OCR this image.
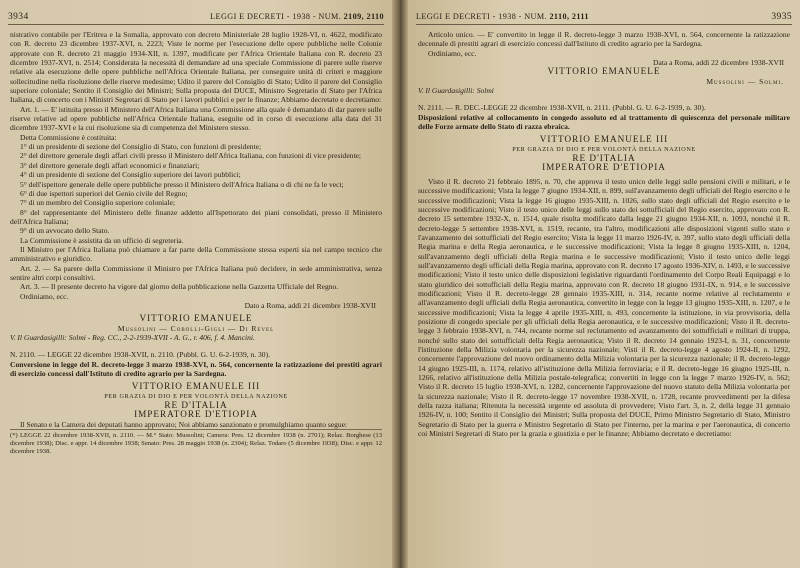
3934	LEGGI E DECRETI - 1938 - NUM. 2109, 2110

nistrativo contabile per l'Eritrea e la Somalia, approvato con decreto Ministeriale 28 luglio 1928-VI, n. 4622, modificato con R. decreto 23 dicembre 1937-XVI, n. 2223; Viste le norme per l'esecuzione delle opere pubbliche nelle Colonie approvate con R. decreto 21 maggio 1934-XII, n. 1397, modificate per l'Africa Orientale Italiana con R. decreto 23 dicembre 1937-XVI, n. 2514; Considerata la necessità di demandare ad una speciale Commissione di parere sulle riserve relative ala esecuzione delle opere pubbliche nell'Africa Orientale Italiana, per conseguire unità di criteri e maggiore sollecitudine nella risoluzione delle riserve medesime; Udito il parere del Consiglio di Stato; Udito il parere del Consiglio superiore coloniale; Sentito il Consiglio dei Ministri; Sulla proposta del DUCE, Ministro Segretario di Stato per l'Africa Italiana, di concerto con i Ministri Segretari di Stato per i lavori pubblici e per le finanze; Abbiamo decretato e decretiamo:

Art. 1. — E' istituita presso il Ministero dell'Africa Italiana una Commissione alla quale è demandato di dar parere sulle riserve relative ad opere pubbliche nell'Africa Orientale Italiana, eseguite od in corso di esecuzione alla data del 31 dicembre 1937-XVI e la cui risoluzione sia di competenza del Ministero stesso.

Detta Commissione è costituita:

1° di un presidente di sezione del Consiglio di Stato, con funzioni di presidente;

2° del direttore generale degli affari civili presso il Ministero dell'Africa Italiana, con funzioni di vice presidente;

3° del direttore generale degli affari economici e finanziari;

4° di un presidente di sezione del Consiglio superiore dei lavori pubblici;

5° dell'ispettore generale delle opere pubbliche presso il Ministero dell'Africa Italiana o di chi ne fa le veci;

6° di due ispettori superiori del Genio civile del Regno;

7° di un membro del Consiglio superiore coloniale;

8° del rappresentante del Ministero delle finanze addetto all'Ispettorato dei piani consolidati, presso il Ministero dell'Africa Italiana;

9° di un avvocato dello Stato.

La Commissione è assistita da un ufficio di segreteria.

Il Ministro per l'Africa Italiana può chiamare a far parte della Commissione stessa esperti sia nel campo tecnico che amministrativo e giuridico.

Art. 2. — Sa parere della Commissione il Ministro per l'Africa Italiana può decidere, in sede amministrativa, senza sentire altri corpi consultivi.

Art. 3. — Il presente decreto ha vigore dal giorno della pubblicazione nella Gazzetta Ufficiale del Regno.

Ordiniamo, ecc.

Dato a Roma, addì 21 dicembre 1938-XVII

VITTORIO EMANUELE

Mussolini — Cobolli-Gigli — Di Revel

V. Il Guardasigilli: Solmi - Reg. CC., 2-2-1939-XVII - A. G., r. 406, f. 4. Mancini.

N. 2110. — LEGGE 22 dicembre 1938-XVII, n. 2110. (Pubbl. G. U. 6-2-1939, n. 30).

Conversione in legge del R. decreto-legge 3 marzo 1938-XVI, n. 564, concernente la ratizzazione dei prestiti agrari di esercizio concessi dall'Istituto di credito agrario per la Sardegna.

VITTORIO EMANUELE III

PER GRAZIA DI DIO E PER VOLONTÀ DELLA NAZIONE

RE D'ITALIA

IMPERATORE D'ETIOPIA

Il Senato e la Camera dei deputati hanno approvato; Noi abbiamo sanzionato e promulghiamo quanto segue:

(*) LEGGE 22 dicembre 1938-XVII, n. 2110. — M.° Stato: Mussolini; Camera: Pres. 12 dicembre 1938 (n. 2701); Relaz. Borghese (13 dicembre 1938); Disc. e appr. 14 dicembre 1938; Senato: Pres. 28 maggio 1938 (n. 2304); Relaz. Todaro (5 dicembre 1938); Disc. e appr. 12 dicembre 1938.

LEGGI E DECRETI - 1938 - NUM. 2110, 2111	3935

Articolo unico. — E' convertito in legge il R. decreto-legge 3 marzo 1938-XVI, n. 564, concernente la ratizzazione decennale di prestiti agrari di esercizio concessi dall'Istituto di credito agrario per la Sardegna.

Ordiniamo, ecc.

Data a Roma, addì 22 dicembre 1938-XVII

VITTORIO EMANUELE

Mussolini — Solmi.

V. Il Guardasigilli: Solmi

N. 2111. — R. DEC.-LEGGE 22 dicembre 1938-XVII, n. 2111. (Pubbl. G. U. 6-2-1939, n. 30).

Disposizioni relative al collocamento in congedo assoluto ed al trattamento di quiescenza del personale militare delle Forze armate dello Stato di razza ebraica.

VITTORIO EMANUELE III

PER GRAZIA DI DIO E PER VOLONTÀ DELLA NAZIONE

RE D'ITALIA

IMPERATORE D'ETIOPIA

Visto il R. decreto 21 febbraio 1895, n. 70, che approva il testo unico delle leggi sulle pensioni civili e militari, e le successive modificazioni; Vista la legge 7 giugno 1934-XII, n. 899, sull'avanzamento degli ufficiali del Regio esercito e le successive modificazioni; Vista la legge 16 giugno 1935-XIII, n. 1026, sullo stato degli ufficiali del Regio esercito e le successive modificazioni; Visto il testo unico delle leggi sullo stato dei sottufficiali del Regio esercito, approvato con R. decreto 15 settembre 1932-X, n. 1514, quale risulta modificato dalla legge 21 giugno 1934-XII, n. 1093, nonché il R. decreto-legge 5 settembre 1938-XVI, n. 1519, recante, tra l'altro, modificazioni alle disposizioni vigenti sullo stato e l'avanzamento dei sottufficiali del Regio esercito; Vista la legge 11 marzo 1926-IV, n. 397, sullo stato degli ufficiali della Regia marina e della Regia aeronautica, e le successive modificazioni; Vista la legge 8 giugno 1935-XIII, n. 1204, sull'avanzamento degli ufficiali della Regia marina e le successive modificazioni; Visto il testo unico delle leggi sull'avanzamento degli ufficiali della Regia marina, approvato con R. decreto 17 agosto 1936-XIV, n. 1493, e le successive modificazioni; Visto il testo unico delle disposizioni legislative riguardanti l'ordinamento del Corpo Reali Equipaggi e lo stato giuridico dei sottufficiali della Regia marina, approvato con R. decreto 18 giugno 1931-IX, n. 914, e le successive modificazioni; Visto il R. decreto-legge 28 gennaio 1935-XIII, n. 314, recante norme relative al reclutamento e all'avanzamento degli ufficiali della Regia aeronautica, convertito in legge con la legge 13 giugno 1935-XIII, n. 1207, e le successive modificazioni; Vista la legge 4 aprile 1935-XIII, n. 493, concernente la istituzione, in via provvisoria, della posizione di congedo speciale per gli ufficiali della Regia aeronautica, e le successive modificazioni; Visto il R. decreto-legge 3 febbraio 1938-XVI, n. 744, recante norme sul reclutamento ed avanzamento dei sottufficiali e militari di truppa, nonché sullo stato dei sottufficiali della Regia aeronautica; Visto il R. decreto 14 gennaio 1923-I, n. 31, concernente l'istituzione della Milizia volontaria per la sicurezza nazionale; Visti il R. decreto-legge 4 agosto 1924-II, n. 1292, concernente l'approvazione del nuovo ordinamento della Milizia volontaria per la sicurezza nazionale; il R. decreto-legge 14 giugno 1925-III, n. 1174, relativo all'istituzione della Milizia ferroviaria; e il R. decreto-legge 16 giugno 1925-III, n. 1266, relativo all'istituzione della Milizia postale-telegrafica; convertiti in legge con la legge 7 marzo 1926-IV, n. 562; Visto il R. decreto 15 luglio 1938-XVI, n. 1282, concernente l'approvazione del nuovo statuto della Milizia volontaria per la sicurezza nazionale; Visto il R. decreto-legge 17 novembre 1938-XVII, n. 1728, recante provvedimenti per la difesa della razza italiana; Ritenuta la necessità urgente ed assoluta di provvedere; Visto l'art. 3, n. 2, della legge 31 gennaio 1926-IV, n. 100; Sentito il Consiglio dei Ministri; Sulla proposta del DUCE, Primo Ministro Segretario di Stato, Ministro Segretario di Stato per la guerra e Ministro Segretario di Stato per l'interno, per la marina e per l'aeronautica, di concerto coi Ministri Segretari di Stato per la grazia e giustizia e per le finanze; Abbiamo decretato e decretiamo:
